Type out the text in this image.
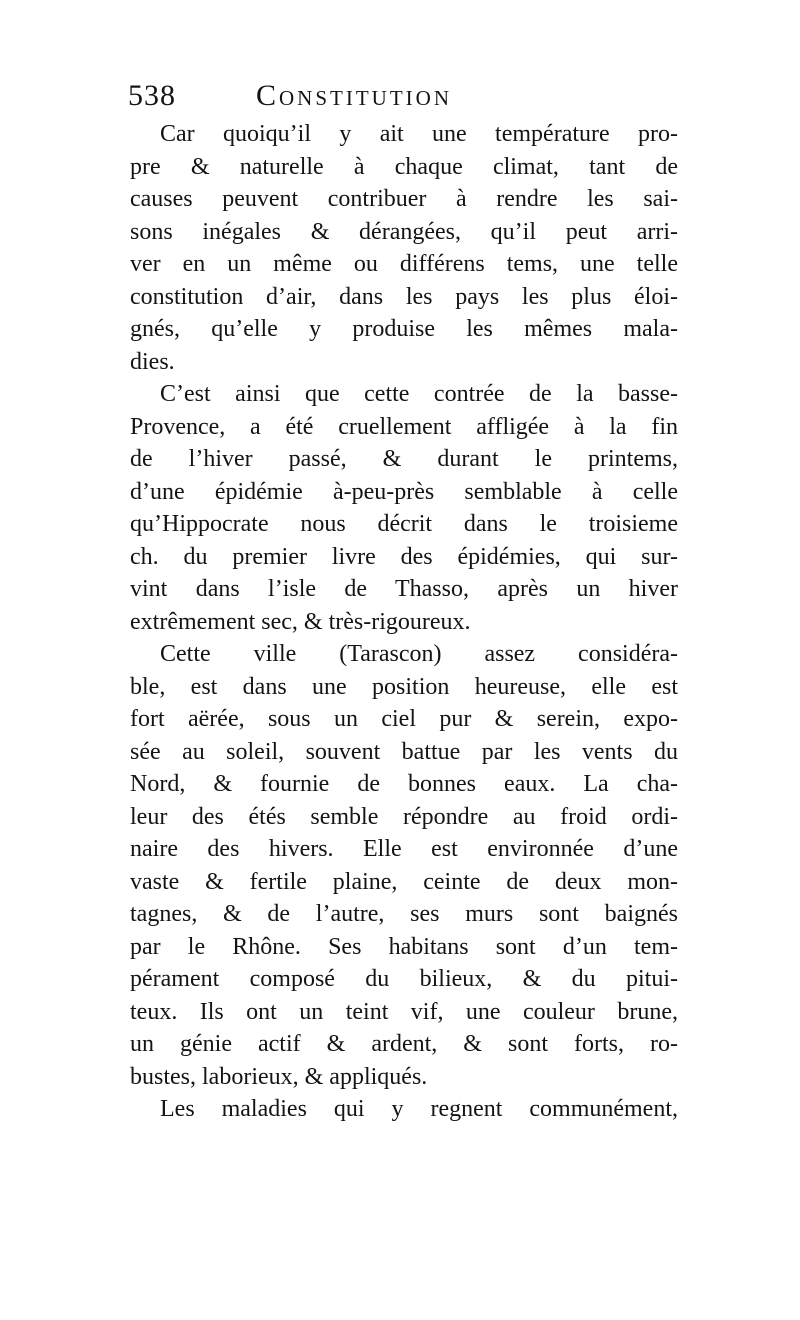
538	Constitution
Car quoiqu’il y ait une température pro-
pre & naturelle à chaque climat, tant de
causes peuvent contribuer à rendre les sai-
sons inégales & dérangées, qu’il peut arri-
ver en un même ou différens tems, une telle
constitution d’air, dans les pays les plus éloi-
gnés, qu’elle y produise les mêmes mala-
dies.
C’est ainsi que cette contrée de la basse-
Provence, a été cruellement affligée à la fin
de l’hiver passé, & durant le printems,
d’une épidémie à-peu-près semblable à celle
qu’Hippocrate nous décrit dans le troisieme
ch. du premier livre des épidémies, qui sur-
vint dans l’isle de Thasso, après un hiver
extrêmement sec, & très-rigoureux.
Cette ville (Tarascon) assez considéra-
ble, est dans une position heureuse, elle est
fort aërée, sous un ciel pur & serein, expo-
sée au soleil, souvent battue par les vents du
Nord, & fournie de bonnes eaux. La cha-
leur des étés semble répondre au froid ordi-
naire des hivers. Elle est environnée d’une
vaste & fertile plaine, ceinte de deux mon-
tagnes, & de l’autre, ses murs sont baignés
par le Rhône. Ses habitans sont d’un tem-
pérament composé du bilieux, & du pitui-
teux. Ils ont un teint vif, une couleur brune,
un génie actif & ardent, & sont forts, ro-
bustes, laborieux, & appliqués.
Les maladies qui y regnent communément,
